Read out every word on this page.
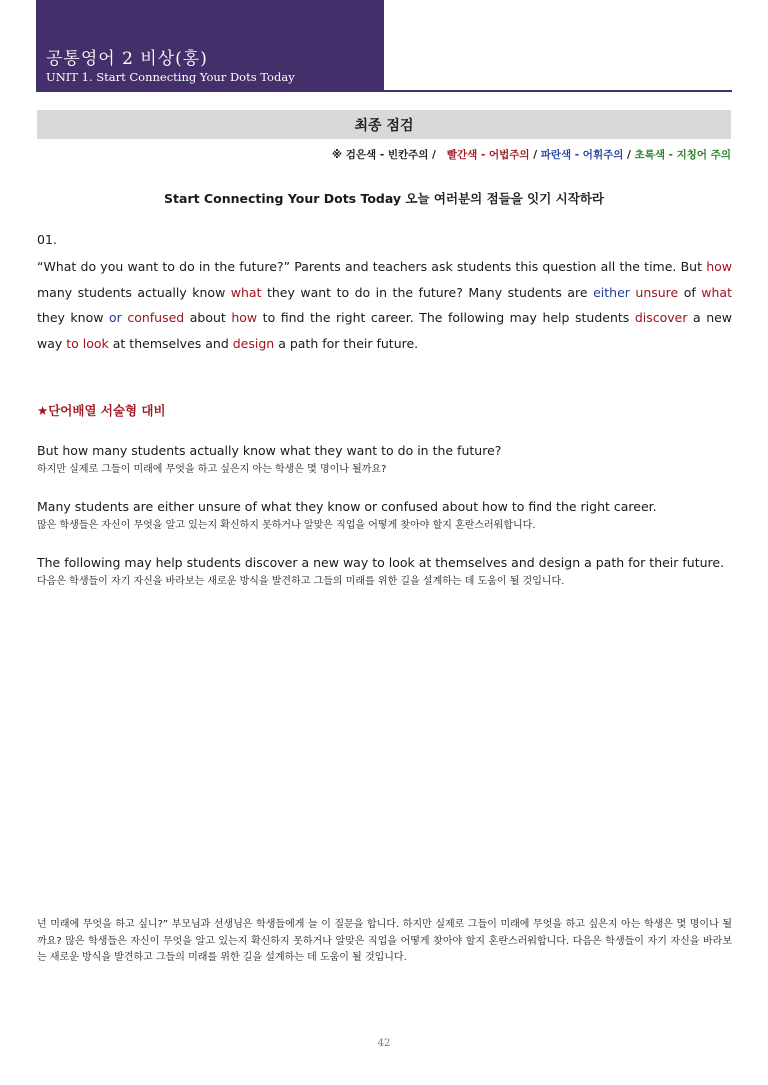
공통영어 2 비상(홍)
UNIT 1. Start Connecting Your Dots Today
최종 점검
※ 검은색 - 빈칸주의 / 빨간색 - 어법주의 / 파란색 - 어휘주의 / 초록색 - 지칭어 주의
Start Connecting Your Dots Today 오늘 여러분의 점들을 잇기 시작하라
01.
“What do you want to do in the future?” Parents and teachers ask students this question all the time. But how many students actually know what they want to do in the future? Many students are either unsure of what they know or confused about how to find the right career. The following may help students discover a new way to look at themselves and design a path for their future.
★단어배열 서술형 대비
But how many students actually know what they want to do in the future?
하지만 실제로 그들이 미래에 무엇을 하고 싶은지 아는 학생은 몇 명이나 될까요?
Many students are either unsure of what they know or confused about how to find the right career.
많은 학생들은 자신이 무엇을 알고 있는지 확신하지 못하거나 알맞은 직업을 어떻게 찾아야 할지 혼란스러워합니다.
The following may help students discover a new way to look at themselves and design a path for their future.
다음은 학생들이 자기 자신을 바라보는 새로운 방식을 발견하고 그들의 미래를 위한 길을 설계하는 데 도움이 될 것입니다.
넌 미래에 무엇을 하고 싶니?” 부모님과 선생님은 학생들에게 늘 이 질문을 합니다. 하지만 실제로 그들이 미래에 무엇을 하고 싶은지 아는 학생은 몇 명이나 될까요? 많은 학생들은 자신이 무엇을 알고 있는지 확신하지 못하거나 알맞은 직업을 어떻게 찾아야 할지 혼란스러워합니다. 다음은 학생들이 자기 자신을 바라보는 새로운 방식을 발견하고 그들의 미래를 위한 길을 설계하는 데 도움이 될 것입니다.
42
